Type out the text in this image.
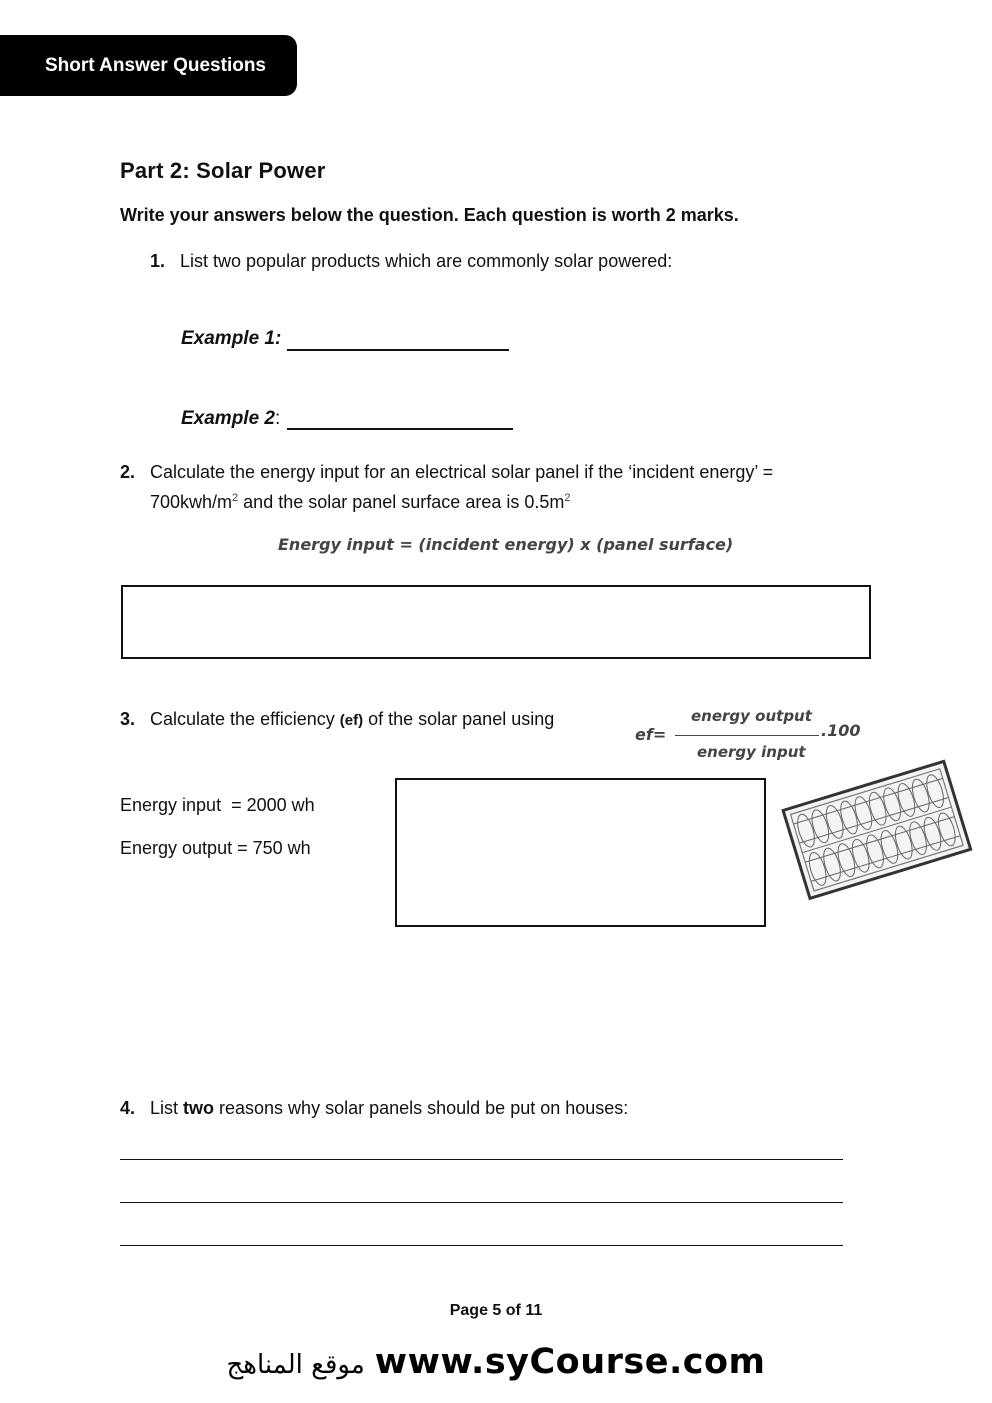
Short Answer Questions
Part 2: Solar Power
Write your answers below the question. Each question is worth 2 marks.
1. List two popular products which are commonly solar powered:
Example 1:
Example 2:
2. Calculate the energy input for an electrical solar panel if the ‘incident energy’ =
$700kwh/m^2$ and the solar panel surface area is $0.5m^2$
Energy input = (incident energy) x (panel surface)
3. Calculate the efficiency (ef) of the solar panel using
ef=
energy output
energy input
.100
Energy input  = 2000 wh
Energy output = 750 wh
4. List two reasons why solar panels should be put on houses:
Page 5 of 11
موقع المناهج www.syCourse.com
